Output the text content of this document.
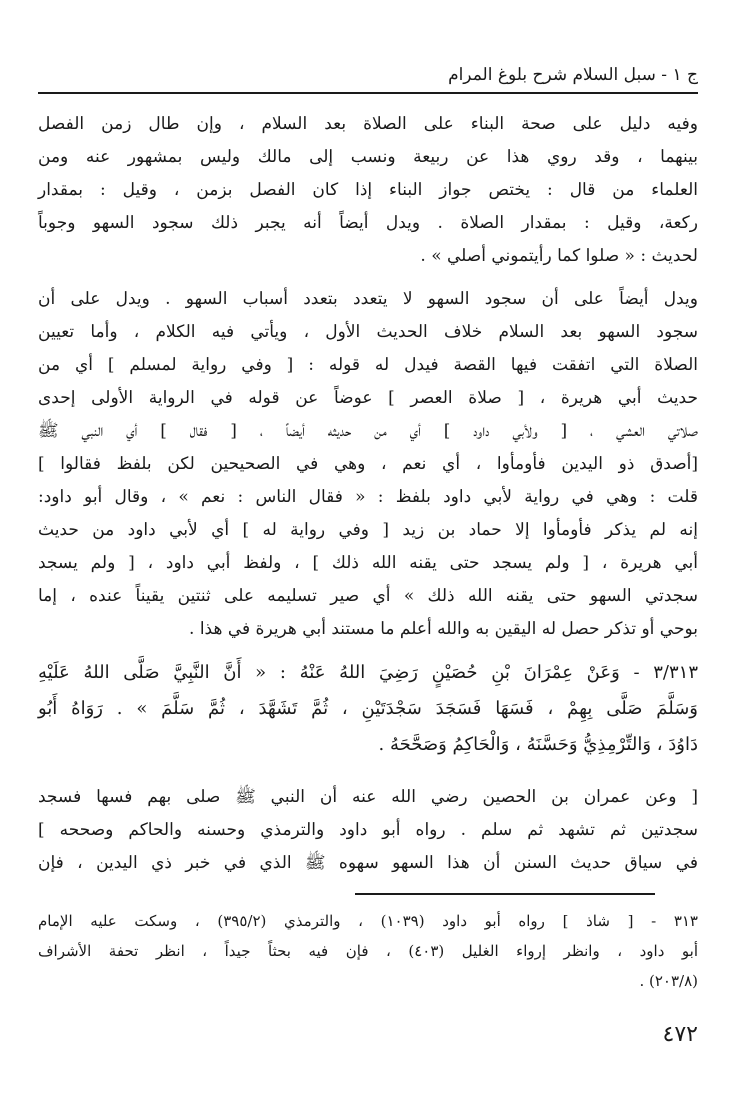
ج ١ - سبل السلام شرح بلوغ المرام
وفيه دليل على صحة البناء على الصلاة بعد السلام ، وإن طال زمن الفصل
بينهما ، وقد روي هذا عن ربيعة ونسب إلى مالك وليس بمشهور عنه ومن
العلماء من قال : يختص جواز البناء إذا كان الفصل بزمن ، وقيل : بمقدار
ركعة، وقيل : بمقدار الصلاة . ويدل أيضاً أنه يجبر ذلك سجود السهو وجوباً
لحديث : « صلوا كما رأيتموني أصلي » .
ويدل أيضاً على أن سجود السهو لا يتعدد بتعدد أسباب السهو . ويدل على أن
سجود السهو بعد السلام خلاف الحديث الأول ، ويأتي فيه الكلام ، وأما تعيين
الصلاة التي اتفقت فيها القصة فيدل له قوله : [ وفي رواية لمسلم ] أي من
حديث أبي هريرة ، [ صلاة العصر ] عوضاً عن قوله في الرواية الأولى إحدى
صلاتي العشي ، [ ولأبي داود ] أي من حديثه أيضاً ، [ فقال ] أي النبي ﷺ
[أصدق ذو اليدين فأومأوا ، أي نعم ، وهي في الصحيحين لكن بلفظ فقالوا ]
قلت : وهي في رواية لأبي داود بلفظ : « فقال الناس : نعم » ، وقال أبو داود:
إنه لم يذكر فأومأوا إلا حماد بن زيد [ وفي رواية له ] أي لأبي داود من حديث
أبي هريرة ، [ ولم يسجد حتى يقنه الله ذلك ] ، ولفظ أبي داود ، [ ولم يسجد
سجدتي السهو حتى يقنه الله ذلك » أي صير تسليمه على ثنتين يقيناً عنده ، إما
بوحي أو تذكر حصل له اليقين به والله أعلم ما مستند أبي هريرة في هذا .
٣/٣١٣ - وَعَنْ عِمْرَانَ بْنِ حُصَيْنٍ رَضِيَ اللهُ عَنْهُ : « أَنَّ النَّبِيَّ صَلَّى اللهُ عَلَيْهِ
وَسَلَّمَ صَلَّى بِهِمْ ، فَسَهَا فَسَجَدَ سَجْدَتَيْنِ ، ثُمَّ تَشَهَّدَ ، ثُمَّ سَلَّمَ » . رَوَاهُ أَبُو
دَاوُدَ ، وَالتِّرْمِذِيُّ وَحَسَّنَهُ ، وَالْحَاكِمُ وَصَحَّحَهُ .
[ وعن عمران بن الحصين رضي الله عنه أن النبي ﷺ صلى بهم فسها فسجد
سجدتين ثم تشهد ثم سلم . رواه أبو داود والترمذي وحسنه والحاكم وصححه ]
في سياق حديث السنن أن هذا السهو سهوه ﷺ الذي في خبر ذي اليدين ، فإن
٣١٣ - [ شاذ ] رواه أبو داود (١٠٣٩) ، والترمذي (٣٩٥/٢) ، وسكت عليه الإمام
أبو داود ، وانظر إرواء الغليل (٤٠٣) ، فإن فيه بحثاً جيداً ، انظر تحفة الأشراف
(٢٠٣/٨) .
٤٧٢
